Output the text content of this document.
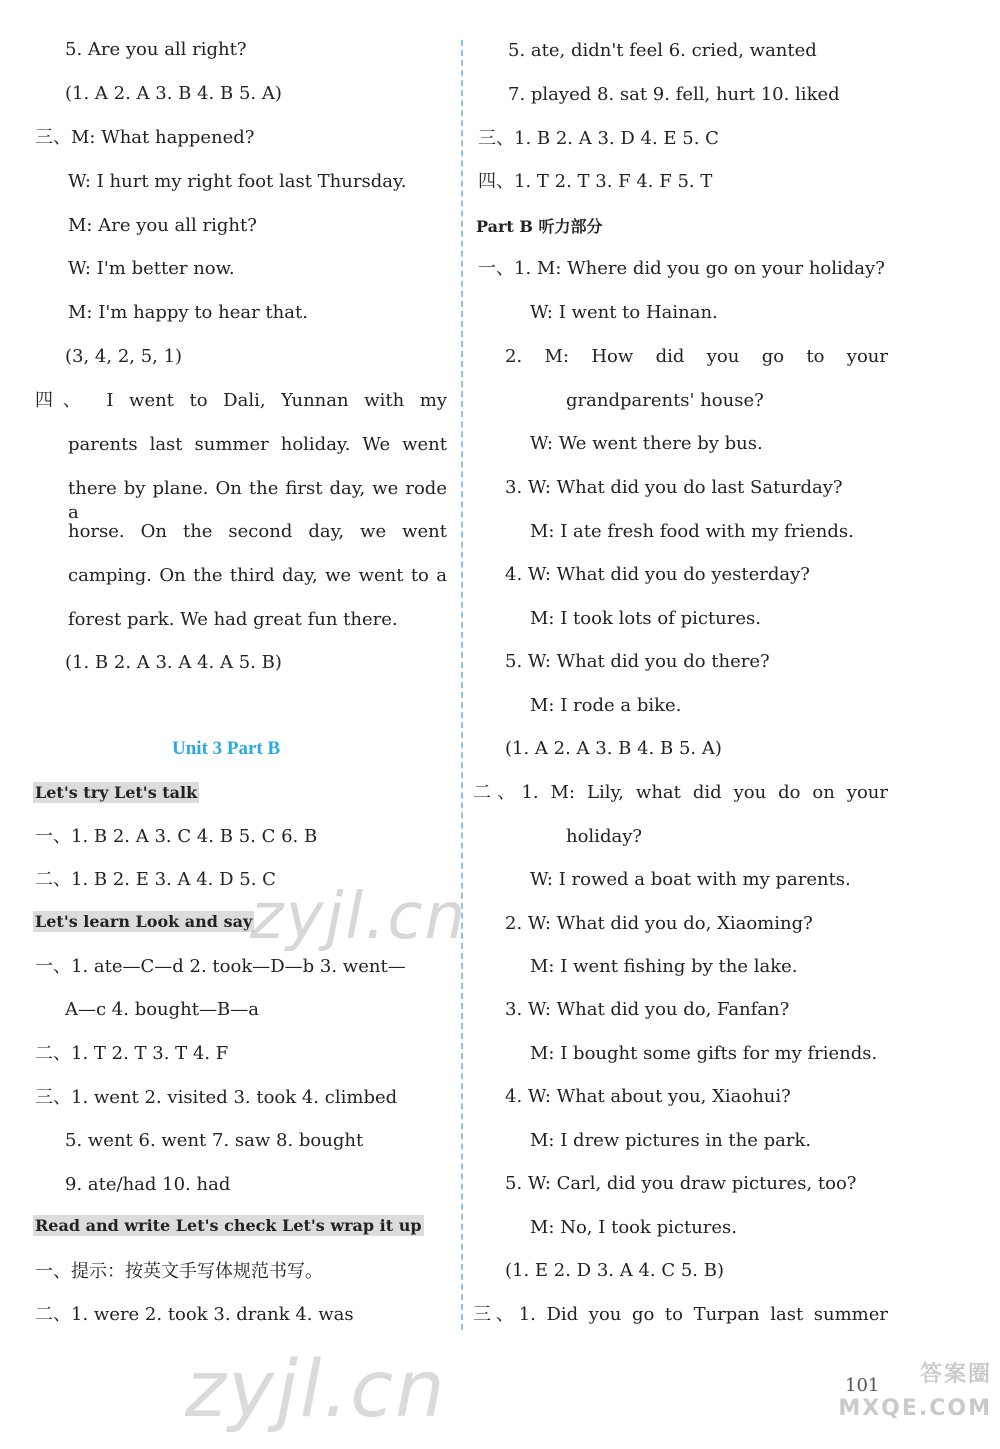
5. Are you all right?
(1. A 2. A 3. B 4. B 5. A)
三、M: What happened?
W: I hurt my right foot last Thursday.
M: Are you all right?
W: I'm better now.
M: I'm happy to hear that.
(3, 4, 2, 5, 1)
四、 I went to Dali, Yunnan with my
parents last summer holiday. We went
there by plane. On the first day, we rode a
horse. On the second day, we went
camping. On the third day, we went to a
forest park. We had great fun there.
(1. B 2. A 3. A 4. A 5. B)
Unit 3 Part B
Let's try Let's talk
一、1. B 2. A 3. C 4. B 5. C 6. B
二、1. B 2. E 3. A 4. D 5. C
Let's learn Look and say
一、1. ate—C—d 2. took—D—b 3. went—
A—c 4. bought—B—a
二、1. T 2. T 3. T 4. F
三、1. went 2. visited 3. took 4. climbed
5. went 6. went 7. saw 8. bought
9. ate/had 10. had
Read and write Let's check Let's wrap it up
一、提示：按英文手写体规范书写。
二、1. were 2. took 3. drank 4. was
5. ate, didn't feel 6. cried, wanted
7. played 8. sat 9. fell, hurt 10. liked
三、1. B 2. A 3. D 4. E 5. C
四、1. T 2. T 3. F 4. F 5. T
Part B 听力部分
一、1. M: Where did you go on your holiday?
W: I went to Hainan.
2. M: How did you go to your
grandparents' house?
W: We went there by bus.
3. W: What did you do last Saturday?
M: I ate fresh food with my friends.
4. W: What did you do yesterday?
M: I took lots of pictures.
5. W: What did you do there?
M: I rode a bike.
(1. A 2. A 3. B 4. B 5. A)
二、1. M: Lily, what did you do on your
holiday?
W: I rowed a boat with my parents.
2. W: What did you do, Xiaoming?
M: I went fishing by the lake.
3. W: What did you do, Fanfan?
M: I bought some gifts for my friends.
4. W: What about you, Xiaohui?
M: I drew pictures in the park.
5. W: Carl, did you draw pictures, too?
M: No, I took pictures.
(1. E 2. D 3. A 4. C 5. B)
三、1. Did you go to Turpan last summer
zyjl.cn
zyjl.cn	答案圈 MXQE.COM
101
